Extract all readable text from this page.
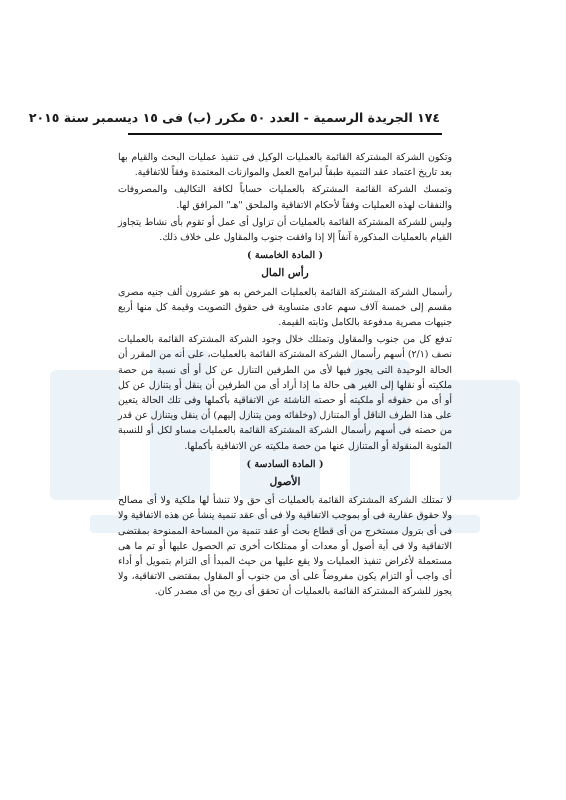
١٧٤ الجريدة الرسمية - العدد ٥٠ مكرر (ب) فى ١٥ ديسمبر سنة ٢٠١٥

وتكون الشركة المشتركة القائمة بالعمليات الوكيل فى تنفيذ عمليات البحث والقيام بها بعد تاريخ اعتماد عقد التنمية طبقاً لبرامج العمل والموازنات المعتمدة وفقاً للاتفاقية.

وتمسك الشركة القائمة المشتركة بالعمليات حساباً لكافة التكاليف والمصروفات والنفقات لهذه العمليات وفقاً لأحكام الاتفاقية والملحق "هـ" المرافق لها.

وليس للشركة المشتركة القائمة بالعمليات أن تزاول أى عمل أو تقوم بأى نشاط يتجاوز القيام بالعمليات المذكورة آنفاً إلا إذا وافقت جنوب والمقاول على خلاف ذلك.

( المادة الخامسة )
رأس المال

رأسمال الشركة المشتركة القائمة بالعمليات المرخص به هو عشرون ألف جنيه مصرى مقسم إلى خمسة آلاف سهم عادى متساوية فى حقوق التصويت وقيمة كل منها أربع جنيهات مصرية مدفوعة بالكامل وثابته القيمة.

تدفع كل من جنوب والمقاول وتمتلك خلال وجود الشركة المشتركة القائمة بالعمليات نصف (٢/١) أسهم رأسمال الشركة المشتركة القائمة بالعمليات، على أنه من المقرر أن الحالة الوحيدة التى يجوز فيها لأى من الطرفين التنازل عن كل أو أى نسبة من حصة ملكيته أو نقلها إلى الغير هى حالة ما إذا أراد أى من الطرفين أن ينقل أو يتنازل عن كل أو أى من حقوقه أو ملكيته أو حصته الناشئة عن الاتفاقية بأكملها وفى تلك الحالة يتعين على هذا الطرف الناقل أو المتنازل (وخلفائه ومن يتنازل إليهم) أن ينقل ويتنازل عن قدر من حصته فى أسهم رأسمال الشركة المشتركة القائمة بالعمليات مساو لكل أو للنسبة المئوية المنقولة أو المتنازل عنها من حصة ملكيته عن الاتفاقية بأكملها.

( المادة السادسة )
الأصول

لا تمتلك الشركة المشتركة القائمة بالعمليات أى حق ولا تنشأ لها ملكية ولا أى مصالح ولا حقوق عقارية فى أو بموجب الاتفاقية ولا فى أى عقد تنمية ينشأ عن هذه الاتفاقية ولا فى أى بترول مستخرج من أى قطاع بحث أو عقد تنمية من المساحة الممنوحة بمقتضى الاتفاقية ولا فى أية أصول أو معدات أو ممتلكات أخرى تم الحصول عليها أو تم ما هى مستعملة لأغراض تنفيذ العمليات ولا يقع عليها من حيث المبدأ أى التزام بتمويل أو أداء أى واجب أو التزام يكون مفروضاً على أى من جنوب أو المقاول بمقتضى الاتفاقية، ولا يجوز للشركة المشتركة القائمة بالعمليات أن تحقق أى ربح من أى مصدر كان.
